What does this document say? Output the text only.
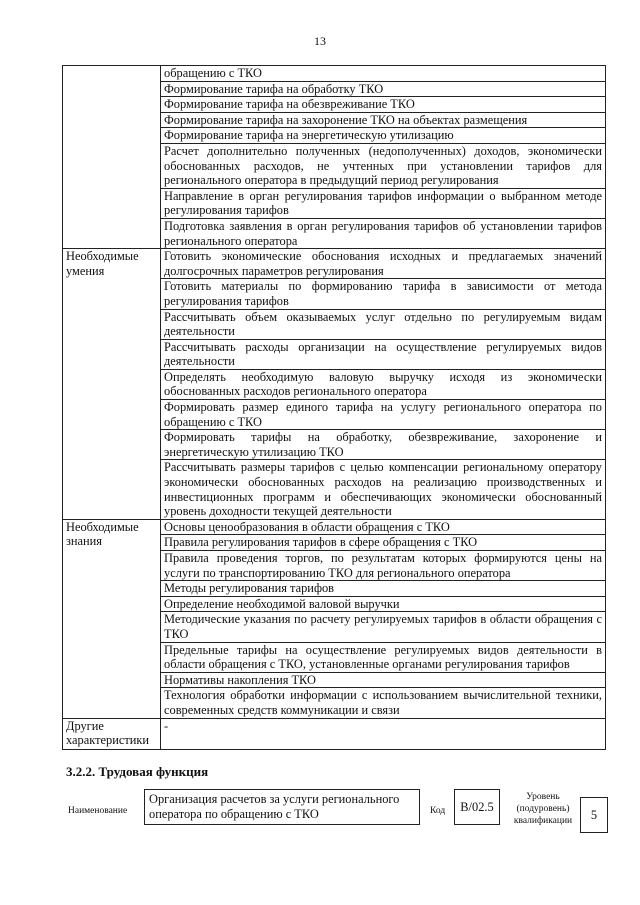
13
	обращению с ТКО
	Формирование тарифа на обработку ТКО
	Формирование тарифа на обезвреживание ТКО
	Формирование тарифа на захоронение ТКО на объектах размещения
	Формирование тарифа на энергетическую утилизацию
	Расчет дополнительно полученных (недополученных) доходов, экономически обоснованных расходов, не учтенных при установлении тарифов для регионального оператора в предыдущий период регулирования
	Направление в орган регулирования тарифов информации о выбранном методе регулирования тарифов
	Подготовка заявления в орган регулирования тарифов об установлении тарифов регионального оператора
Необходимые умения	Готовить экономические обоснования исходных и предлагаемых значений долгосрочных параметров регулирования
	Готовить материалы по формированию тарифа в зависимости от метода регулирования тарифов
	Рассчитывать объем оказываемых услуг отдельно по регулируемым видам деятельности
	Рассчитывать расходы организации на осуществление регулируемых видов деятельности
	Определять необходимую валовую выручку исходя из экономически обоснованных расходов регионального оператора
	Формировать размер единого тарифа на услугу регионального оператора по обращению с ТКО
	Формировать тарифы на обработку, обезвреживание, захоронение и энергетическую утилизацию ТКО
	Рассчитывать размеры тарифов с целью компенсации региональному оператору экономически обоснованных расходов на реализацию производственных и инвестиционных программ и обеспечивающих экономически обоснованный уровень доходности текущей деятельности
Необходимые знания	Основы ценообразования в области обращения с ТКО
	Правила регулирования тарифов в сфере обращения с ТКО
	Правила проведения торгов, по результатам которых формируются цены на услуги по транспортированию ТКО для регионального оператора
	Методы регулирования тарифов
	Определение необходимой валовой выручки
	Методические указания по расчету регулируемых тарифов в области обращения с ТКО
	Предельные тарифы на осуществление регулируемых видов деятельности в области обращения с ТКО, установленные органами регулирования тарифов
	Нормативы накопления ТКО
	Технология обработки информации с использованием вычислительной техники, современных средств коммуникации и связи
Другие характеристики	-
3.2.2. Трудовая функция
Наименование
Организация расчетов за услуги регионального оператора по обращению с ТКО	Код	B/02.5
Уровень (подуровень) квалификации	5
